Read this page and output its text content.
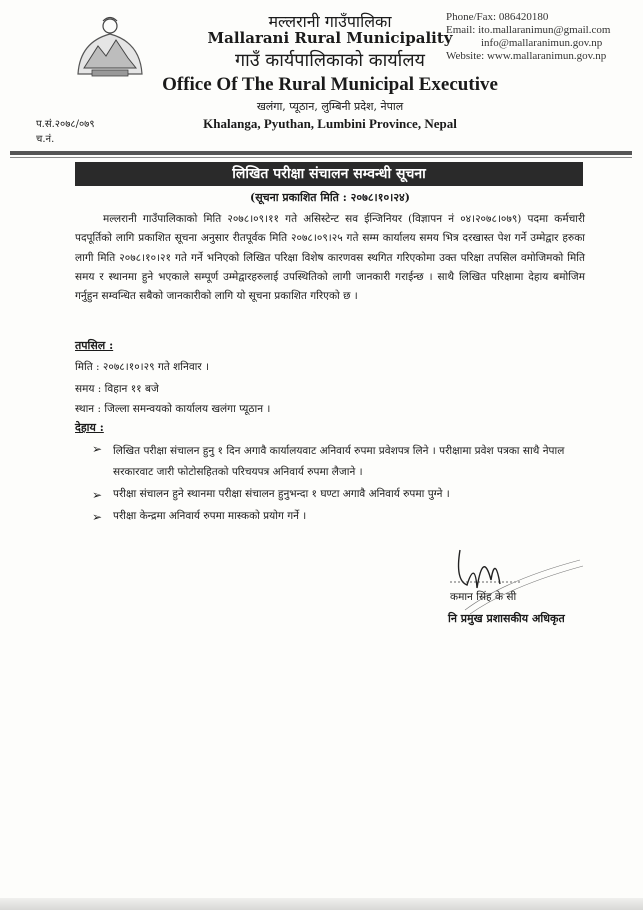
मल्लरानी गाउँपालिका
Mallarani Rural Municipality
गाउँ कार्यपालिकाको कार्यालय
Office Of The Rural Municipal Executive
खलंगा, प्यूठान, लुम्बिनी प्रदेश, नेपाल
Khalanga, Pyuthan, Lumbini Province, Nepal
Phone/Fax: 086420180
Email: ito.mallaranimun@gmail.com
info@mallaranimun.gov.np
Website: www.mallaranimun.gov.np
प.सं.२०७८/०७९
च.नं.
लिखित परीक्षा संचालन सम्वन्धी सूचना
(सूचना प्रकाशित मिति : २०७८।१०।२४)
मल्लरानी गाउँपालिकाको मिति २०७८।०९।११ गते असिस्टेन्ट सव ईन्जिनियर (विज्ञापन नं ०४।२०७८।०७९) पदमा कर्मचारी पदपूर्तिको लागि प्रकाशित सूचना अनुसार रीतपूर्वक मिति २०७८।०९।२५ गते सम्म कार्यालय समय भित्र दरखास्त पेश गर्ने उम्मेद्वार हरुका लागी मिति २०७८।१०।२१ गते गर्ने भनिएको लिखित परिक्षा विशेष कारणवस स्थगित गरिएकोमा उक्त परिक्षा तपसिल वमोजिमको मिति समय र स्थानमा हुने भएकाले सम्पूर्ण उम्मेद्वारहरुलाई उपस्थितिको लागी जानकारी गराईन्छ । साथै लिखित परिक्षामा देहाय बमोजिम गर्नुहुन सम्वन्धित सबैको जानकारीको लागि यो सूचना प्रकाशित गरिएको छ ।
तपसिल :
मिति : २०७८।१०।२९ गते शनिवार ।
समय : विहान ११ बजे
स्थान : जिल्ला समन्वयको कार्यालय खलंगा प्यूठान ।
देहाय :
➢ लिखित परीक्षा संचालन हुनु १ दिन अगावै कार्यालयवाट अनिवार्य रुपमा प्रवेशपत्र लिने । परीक्षामा प्रवेश पत्रका साथै नेपाल सरकारवाट जारी फोटोसहितको परिचयपत्र अनिवार्य रुपमा लैजाने ।
➢ परीक्षा संचालन हुने स्थानमा परीक्षा संचालन हुनुभन्दा १ घण्टा अगावै अनिवार्य रुपमा पुग्ने ।
➢ परीक्षा केन्द्रमा अनिवार्य रुपमा मास्कको प्रयोग गर्ने ।
कमान सिंह के सी
नि प्रमुख प्रशासकीय अधिकृत
